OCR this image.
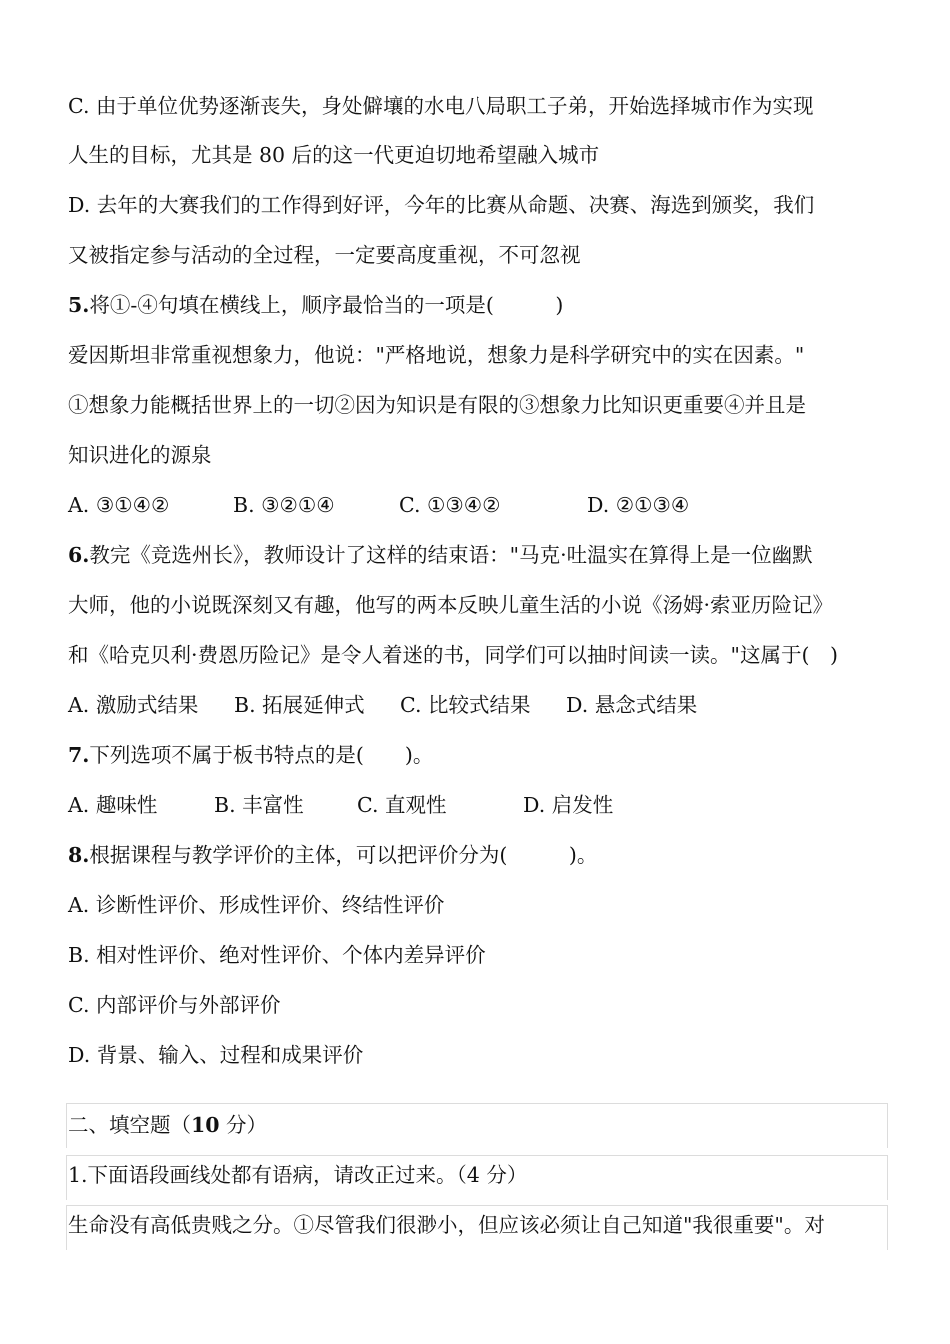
C. 由于单位优势逐渐丧失，身处僻壤的水电八局职工子弟，开始选择城市作为实现
人生的目标，尤其是 80 后的这一代更迫切地希望融入城市
D. 去年的大赛我们的工作得到好评，今年的比赛从命题、决赛、海选到颁奖，我们
又被指定参与活动的全过程，一定要高度重视，不可忽视
5.将①-④句填在横线上，顺序最恰当的一项是(　　　)
爱因斯坦非常重视想象力，他说："严格地说，想象力是科学研究中的实在因素。"
①想象力能概括世界上的一切②因为知识是有限的③想象力比知识更重要④并且是
知识进化的源泉
A. ③①④②	B. ③②①④	C. ①③④②	D. ②①③④
6.教完《竞选州长》，教师设计了这样的结束语："马克·吐温实在算得上是一位幽默
大师，他的小说既深刻又有趣，他写的两本反映儿童生活的小说《汤姆·索亚历险记》
和《哈克贝利·费恩历险记》是令人着迷的书，同学们可以抽时间读一读。"这属于(　)
A. 激励式结果 B. 拓展延伸式 C. 比较式结果 D. 悬念式结果
7.下列选项不属于板书特点的是(　　)。
A. 趣味性	B. 丰富性	C. 直观性	D. 启发性
8.根据课程与教学评价的主体，可以把评价分为(　　　)。
A. 诊断性评价、形成性评价、终结性评价
B. 相对性评价、绝对性评价、个体内差异评价
C. 内部评价与外部评价
D. 背景、输入、过程和成果评价
二、填空题（10 分）
1.下面语段画线处都有语病，请改正过来。（4 分）
生命没有高低贵贱之分。①尽管我们很渺小，但应该必须让自己知道"我很重要"。对
